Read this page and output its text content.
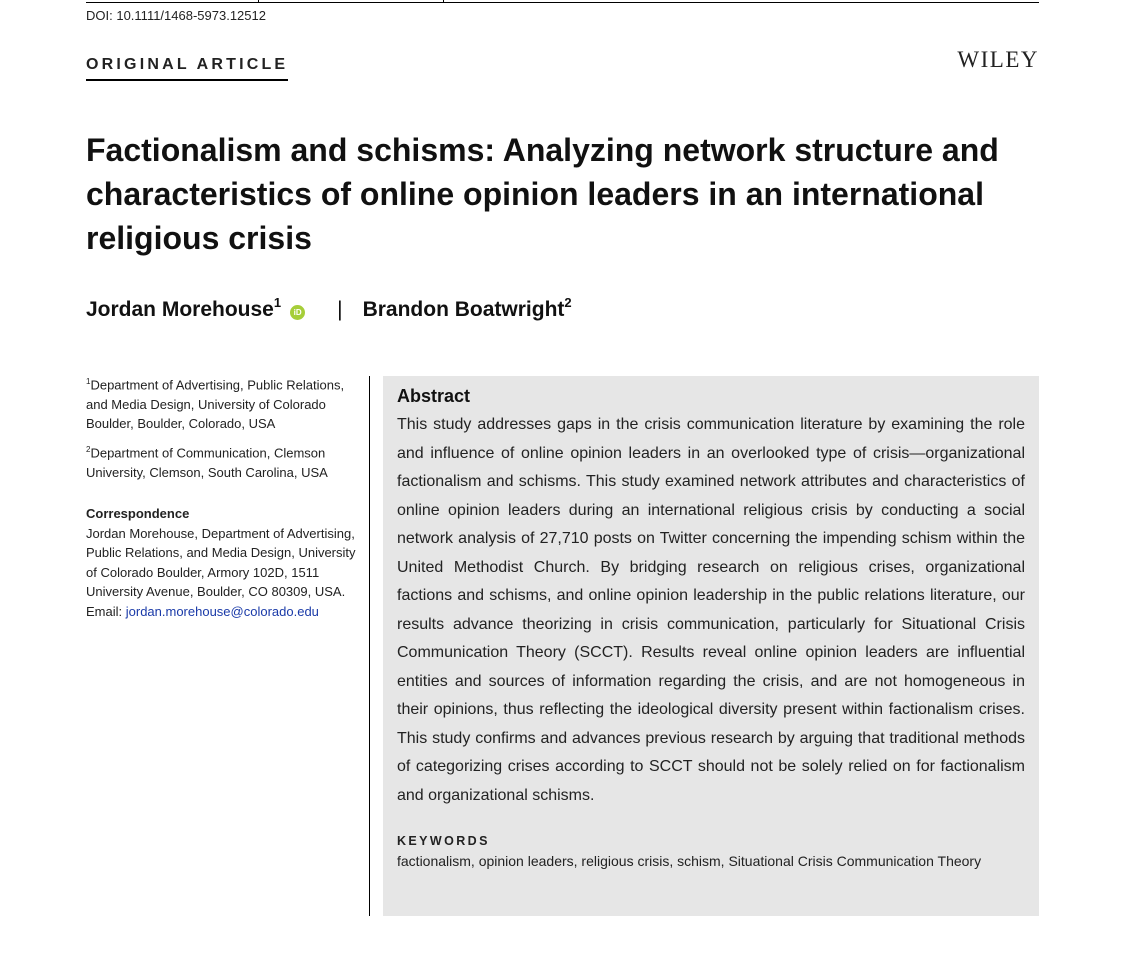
DOI: 10.1111/1468-5973.12512
ORIGINAL ARTICLE	WILEY
Factionalism and schisms: Analyzing network structure and characteristics of online opinion leaders in an international religious crisis
Jordan Morehouse$^1$
iD | Brandon Boatwright$^2$
$^1$Department of Advertising, Public Relations, and Media Design, University of Colorado Boulder, Boulder, Colorado, USA
$^2$Department of Communication, Clemson University, Clemson, South Carolina, USA
Correspondence
Jordan Morehouse, Department of Advertising, Public Relations, and Media Design, University of Colorado Boulder, Armory 102D, 1511 University Avenue, Boulder, CO 80309, USA.
Email: jordan.morehouse@colorado.edu
Abstract

This study addresses gaps in the crisis communication literature by examining the role and influence of online opinion leaders in an overlooked type of crisis—organizational factionalism and schisms. This study examined network attributes and characteristics of online opinion leaders during an international religious crisis by conducting a social network analysis of 27,710 posts on Twitter concerning the impending schism within the United Methodist Church. By bridging research on religious crises, organizational factions and schisms, and online opinion leadership in the public relations literature, our results advance theorizing in crisis communication, particularly for Situational Crisis Communication Theory (SCCT). Results reveal online opinion leaders are influential entities and sources of information regarding the crisis, and are not homogeneous in their opinions, thus reflecting the ideological diversity present within factionalism crises. This study confirms and advances previous research by arguing that traditional methods of categorizing crises according to SCCT should not be solely relied on for factionalism and organizational schisms.

KEYWORDS
factionalism, opinion leaders, religious crisis, schism, Situational Crisis Communication Theory
